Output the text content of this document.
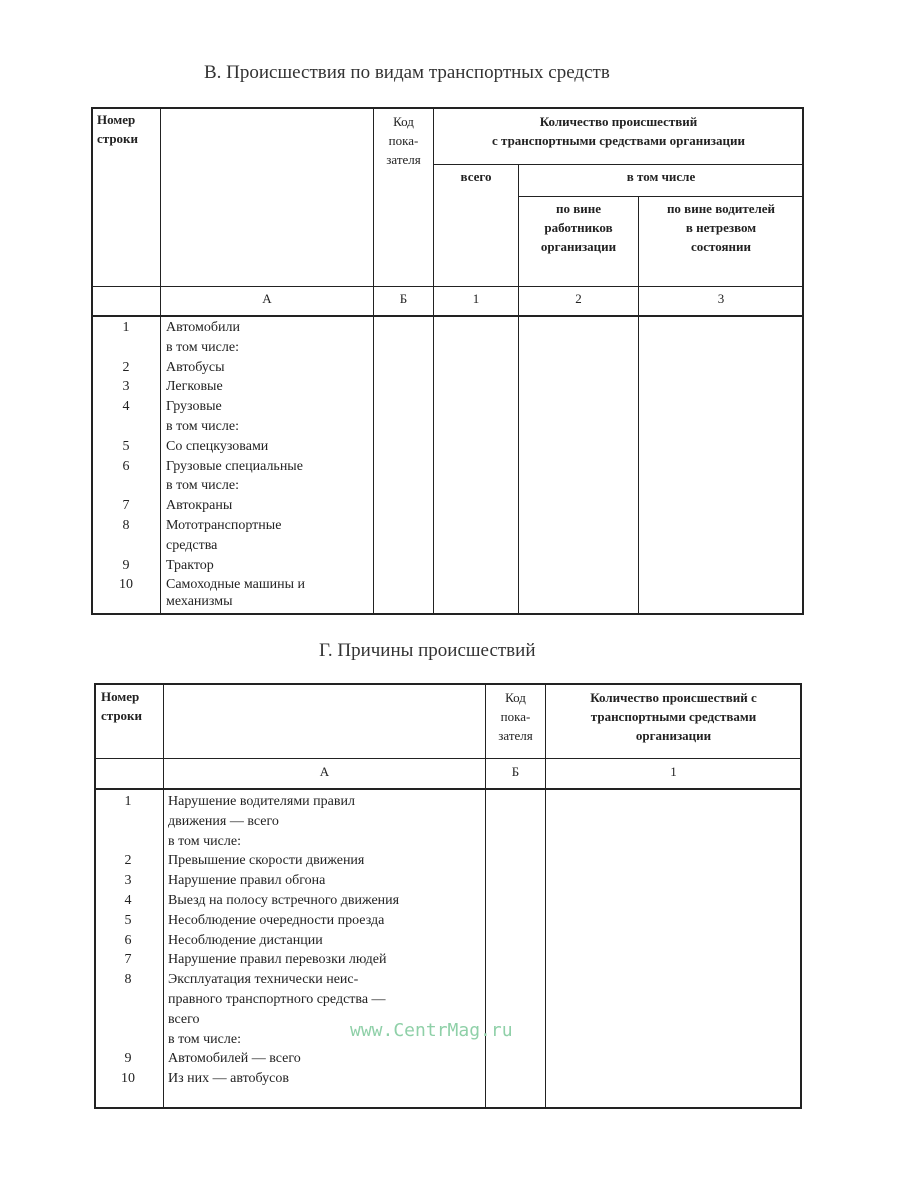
В. Происшествия по видам транспортных средств
Номер
строки
Код
пока-
зателя
Количество происшествий
с транспортными средствами организации
всего	в том числе
по вине
работников
организации
по вине водителей
в нетрезвом
состоянии
А	Б	1	2	3
1	Автомобили
в том числе:
2	Автобусы
3	Легковые
4	Грузовые
в том числе:
5	Со спецкузовами
6	Грузовые специальные
в том числе:
7	Автокраны
8	Мототранспортные
средства
9	Трактор
10	Самоходные машины и
механизмы
Г. Причины происшествий
Номер
строки
Код
пока-
зателя
Количество происшествий с
транспортными средствами
организации
А	Б	1
1	Нарушение водителями правил
движения — всего
в том числе:
2	Превышение скорости движения
3	Нарушение правил обгона
4	Выезд на полосу встречного движения
5	Несоблюдение очередности проезда
6	Несоблюдение дистанции
7	Нарушение правил перевозки людей
8	Эксплуатация технически неис-
правного транспортного средства —
всего
в том числе:
9	Автомобилей — всего
10	Из них — автобусов
www.CentrMag.ru
